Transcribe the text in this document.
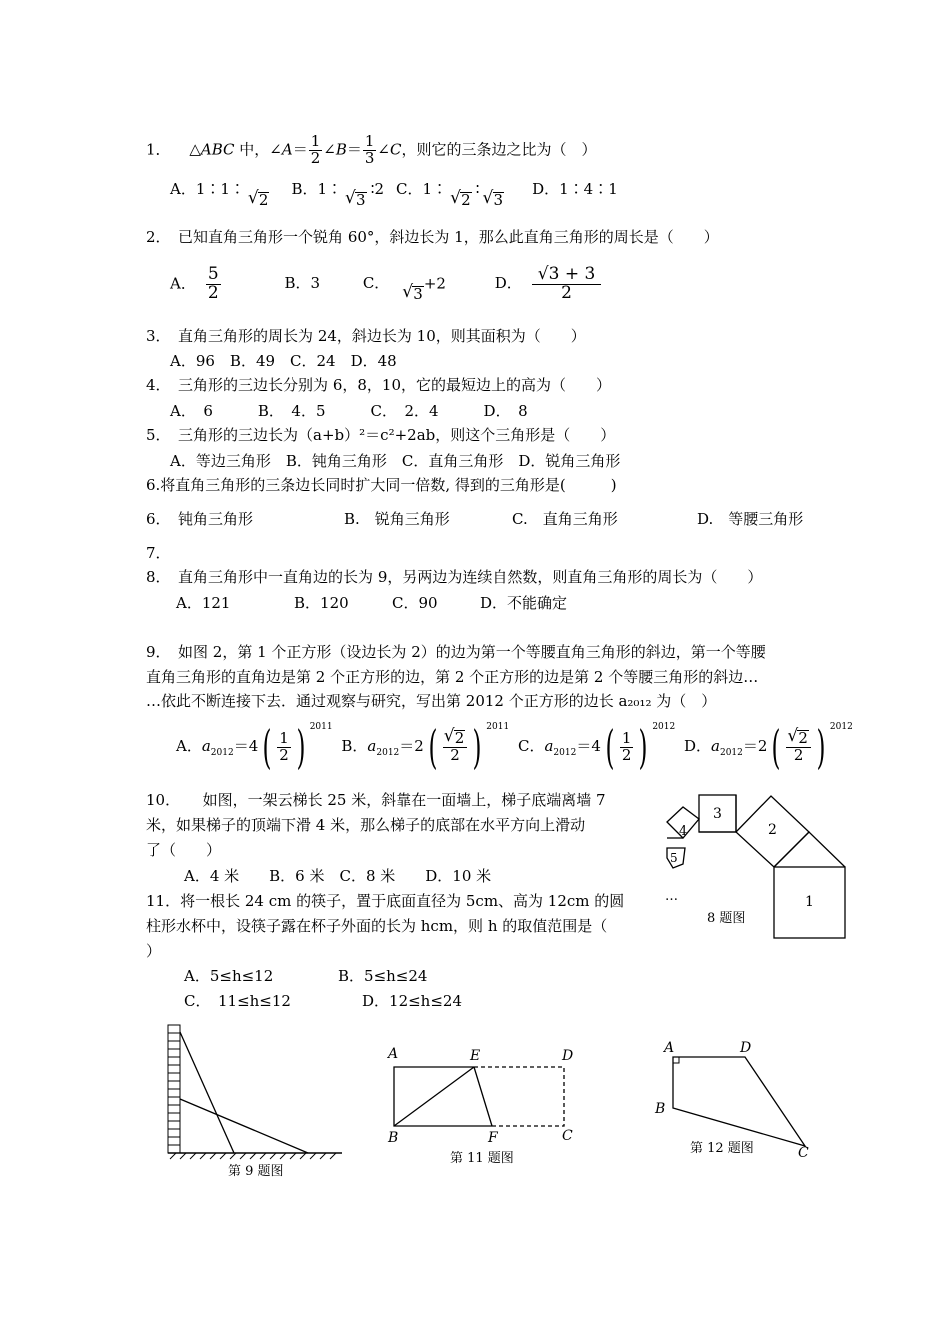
1． △ABC 中，∠A＝ $\frac{1}{2}$ ∠B＝ $\frac{1}{3}$ ∠C，则它的三条边之比为（　）
A．1∶1∶√ 2B．1∶√ 3∶2 C．1∶√ 2∶√ 3D．1∶4∶1
2．　已知直角三角形一个锐角 60°，斜边长为 1，那么此直角三角形的周长是（　　）
A． $\frac{5}{2}$	B．3	C．√ 3+2	D． $\frac{√3 + 3}{2}$
3．　直角三角形的周长为 24，斜边长为 10，则其面积为（　　）
A．96　B．49　C．24　D．48
4．　三角形的三边长分别为 6，8，10，它的最短边上的高为（　　）
A．　6　　　B．　4．5　　　C．　2．4　　　D．　8
5．　三角形的三边长为（a+b）²＝c²+2ab，则这个三角形是（　　）
A．等边三角形　B．钝角三角形　C．直角三角形　D．锐角三角形
6.将直角三角形的三条边长同时扩大同一倍数, 得到的三角形是(　　　)
6．　钝角三角形	B.　锐角三角形	C.　直角三角形	D.　等腰三角形
7．
8．　直角三角形中一直角边的长为 9，另两边为连续自然数，则直角三角形的周长为（　　）
A．121	B．120	C．90	D．不能确定
9．　如图 2，第 1 个正方形（设边长为 2）的边为第一个等腰直角三角形的斜边，第一个等腰
直角三角形的直角边是第 2 个正方形的边，第 2 个正方形的边是第 2 个等腰三角形的斜边…
…依此不断连接下去．通过观察与研究，写出第 2012 个正方形的边长 a₂₀₁₂ 为（　）
A．$a_{2012}=4( \frac{1}{2}$ ) $^{2011}$ B．$a_{2012}=2$( √ $\frac{2}{2}$ ) $^{2011}$ C．$a_{2012}=4( \frac{1}{2}$ ) $^{2012}$ D．$a_{2012}=2$( √ $\frac{2}{2}$ ) $^{2012}$
10．　　如图，一架云梯长 25 米，斜靠在一面墙上，梯子底端离墙 7
米，如果梯子的顶端下滑 4 米，那么梯子的底部在水平方向上滑动
了（　　）
A．4 米　　B．6 米　C．8 米　　D．10 米
11．将一根长 24 cm 的筷子，置于底面直径为 5cm、高为 12cm 的圆
柱形水杯中，设筷子露在杯子外面的长为 hcm，则 h 的取值范围是（
）
A．5≤h≤12	B．5≤h≤24
C．　11≤h≤12	D．12≤h≤24
1
2
3
4
5
…
8 题图
第 9 题图
A	E	D
B	F	C
第 11 题图
A	D
B
C
第 12 题图
